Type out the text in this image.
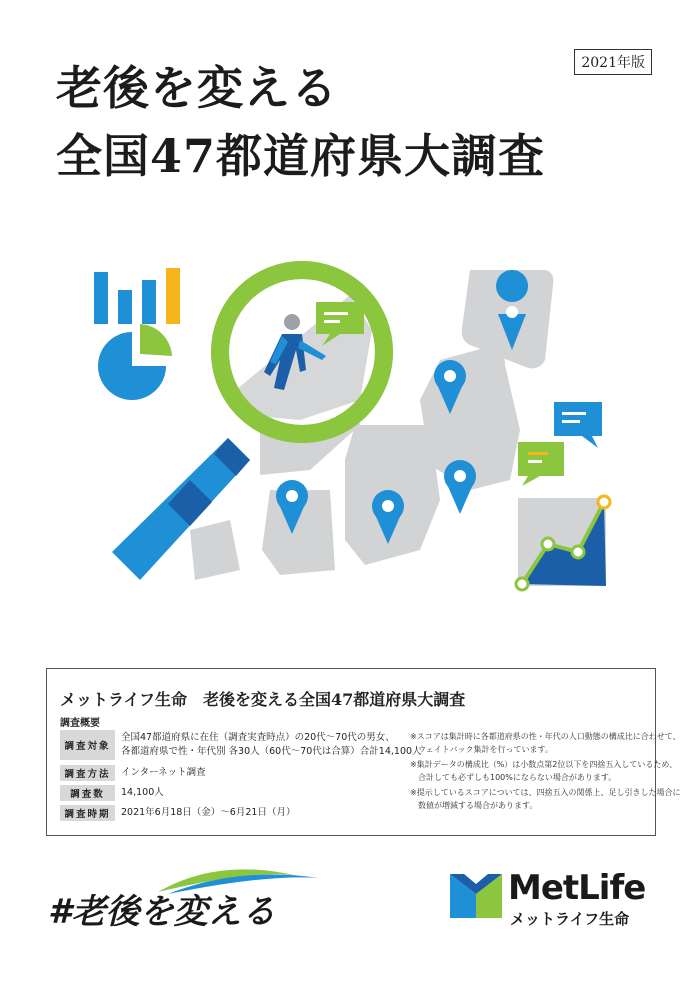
老後を変える
全国47都道府県大調査
2021年版
メットライフ生命　老後を変える全国47都道府県大調査
調査概要
調査対象
全国47都道府県に在住（調査実査時点）の20代〜70代の男女、
各都道府県で性・年代別 各30人（60代〜70代は合算）合計14,100人
調査方法	インターネット調査
調査数	14,100人
調査時期	2021年6月18日（金）〜6月21日（月）
※スコアは集計時に各都道府県の性・年代の人口動態の構成比に合わせて、
　ウェイトバック集計を行っています。
※集計データの構成比（%）は小数点第2位以下を四捨五入しているため、
　合計しても必ずしも100%にならない場合があります。
※提示しているスコアについては、四捨五入の関係上、足し引きした場合に
　数値が増減する場合があります。
#老後を変える
MetLife
メットライフ生命
